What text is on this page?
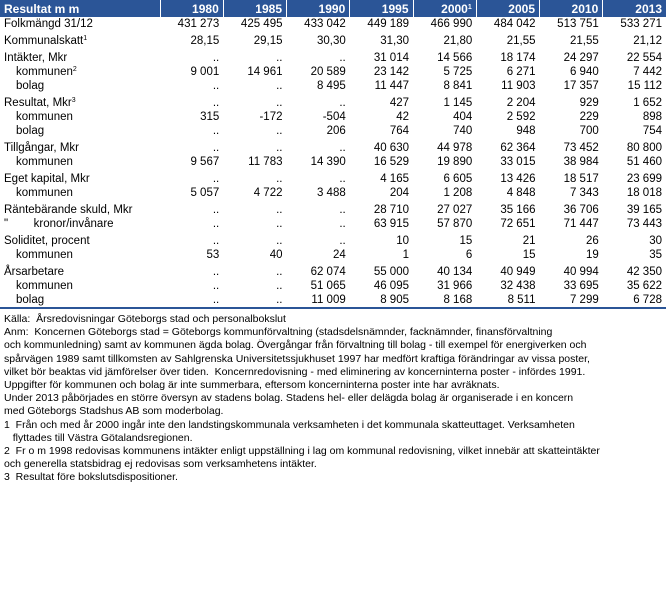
Resultat m m	1980	1985	1990	1995	2000$^1$	2005	2010	2013
Folkmängd 31/12	431 273	425 495	433 042	449 189	466 990	484 042	513 751	533 271
Kommunalskatt$^1$	28,15	29,15	30,30	31,30	21,80	21,55	21,55	21,12
Intäkter, Mkr	..	..	..	31 014	14 566	18 174	24 297	22 554
kommunen$^2$	9 001	14 961	20 589	23 142	5 725	6 271	6 940	7 442
bolag	..	..	8 495	11 447	8 841	11 903	17 357	15 112
Resultat, Mkr$^3$	..	..	..	427	1 145	2 204	929	1 652
kommunen	315	-172	-504	42	404	2 592	229	898
bolag	..	..	206	764	740	948	700	754
Tillgångar, Mkr	..	..	..	40 630	44 978	62 364	73 452	80 800
kommunen	9 567	11 783	14 390	16 529	19 890	33 015	38 984	51 460
Eget kapital, Mkr	..	..	..	4 165	6 605	13 426	18 517	23 699
kommunen	5 057	4 722	3 488	204	1 208	4 848	7 343	18 018
Räntebärande skuld, Mkr	..	..	..	28 710	27 027	35 166	36 706	39 165
"        kronor/invånare	..	..	..	63 915	57 870	72 651	71 447	73 443
Soliditet, procent	..	..	..	10	15	21	26	30
kommunen	53	40	24	1	6	15	19	35
Årsarbetare	..	..	62 074	55 000	40 134	40 949	40 994	42 350
kommunen	..	..	51 065	46 095	31 966	32 438	33 695	35 622
bolag	..	..	11 009	8 905	8 168	8 511	7 299	6 728
Källa:  Årsredovisningar Göteborgs stad och personalbokslut
Anm:  Koncernen Göteborgs stad = Göteborgs kommunförvaltning (stadsdelsnämnder, facknämnder, finansförvaltning
och kommunledning) samt av kommunen ägda bolag. Övergångar från förvaltning till bolag - till exempel för energiverken och
spårvägen 1989 samt tillkomsten av Sahlgrenska Universitetssjukhuset 1997 har medfört kraftiga förändringar av vissa poster,
vilket bör beaktas vid jämförelser över tiden.  Koncernredovisning - med eliminering av koncerninterna poster - infördes 1991.
Uppgifter för kommunen och bolag är inte summerbara, eftersom koncerninterna poster inte har avräknats.
Under 2013 påbörjades en större översyn av stadens bolag. Stadens hel- eller delägda bolag är organiserade i en koncern
med Göteborgs Stadshus AB som moderbolag.
1  Från och med år 2000 ingår inte den landstingskommunala verksamheten i det kommunala skatteuttaget. Verksamheten
flyttades till Västra Götalandsregionen.
2  Fr o m 1998 redovisas kommunens intäkter enligt uppställning i lag om kommunal redovisning, vilket innebär att skatteintäkter
och generella statsbidrag ej redovisas som verksamhetens intäkter.
3  Resultat före bokslutsdispositioner.
